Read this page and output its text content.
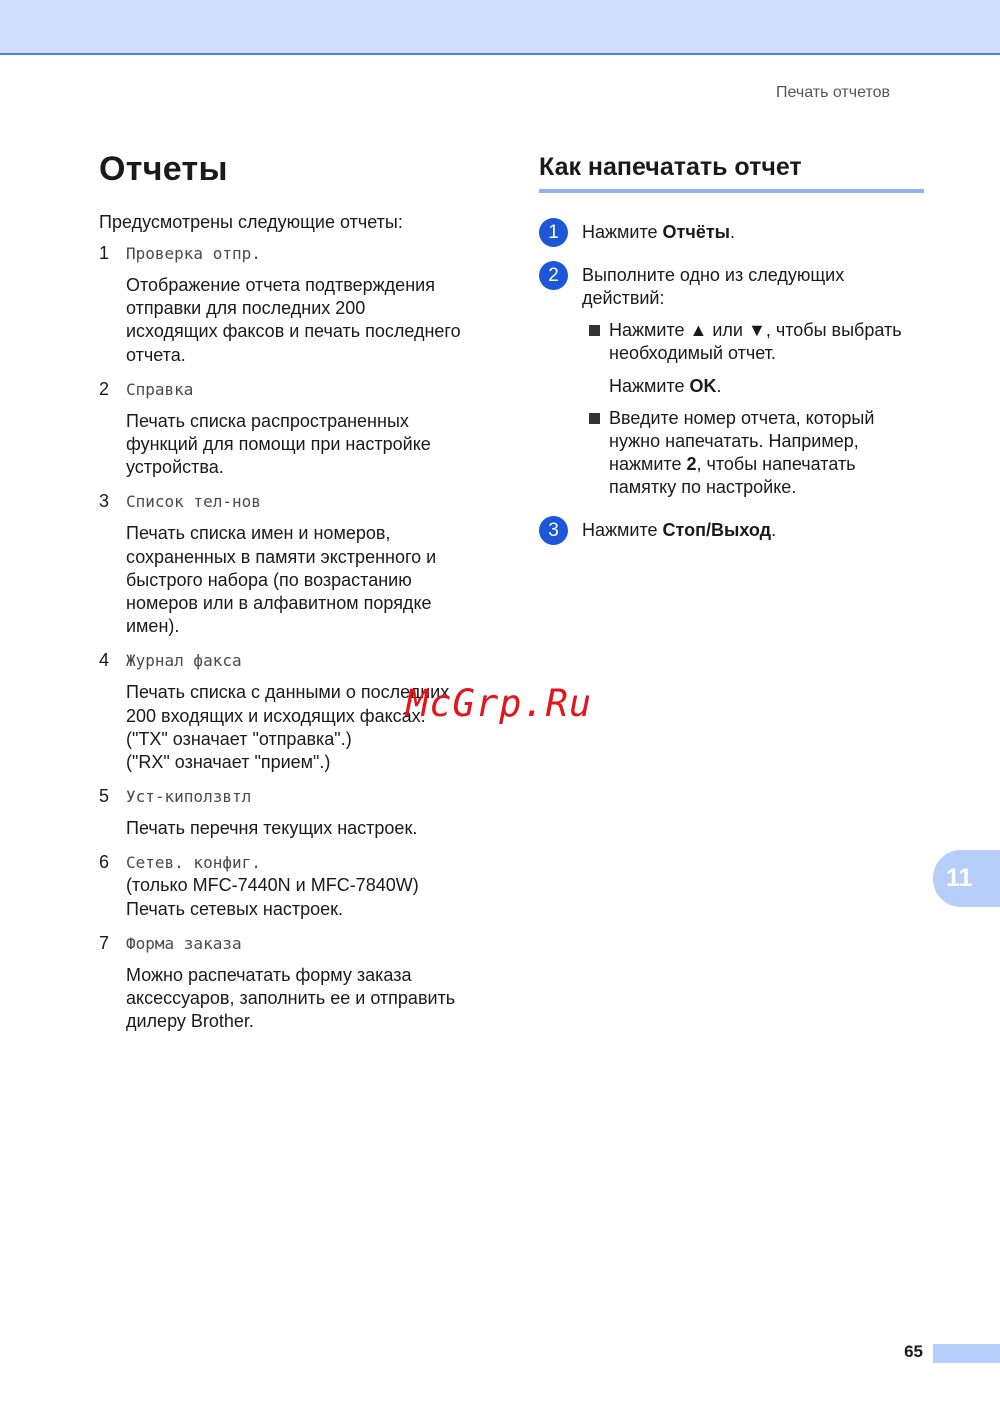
Печать отчетов
Отчеты

Предусмотрены следующие отчеты:

1 Проверка отпр.
Отображение отчета подтверждения
отправки для последних 200
исходящих факсов и печать последнего
отчета.
2 Справка
Печать списка распространенных
функций для помощи при настройке
устройства.
3 Список тел-нов
Печать списка имен и номеров,
сохраненных в памяти экстренного и
быстрого набора (по возрастанию
номеров или в алфавитном порядке
имен).
4 Журнал факса
Печать списка с данными о последних
200 входящих и исходящих факсах.
("TX" означает "отправка".)
("RX" означает "прием".)
5 Уст-киползвтл
Печать перечня текущих настроек.
6 Сетев. конфиг.
(только MFC-7440N и MFC-7840W)
Печать сетевых настроек.
7 Форма заказа
Можно распечатать форму заказа
аксессуаров, заполнить ее и отправить
дилеру Brother.
Как напечатать отчет
1	Нажмите Отчёты.
2	Выполните одно из следующих действий:
Нажмите ▲ или ▼, чтобы выбрать необходимый отчет.
Нажмите OK.
Введите номер отчета, который нужно напечатать. Например, нажмите 2, чтобы напечатать памятку по настройке.
3	Нажмите Стоп/Выход.
McGrp.Ru
11
65
